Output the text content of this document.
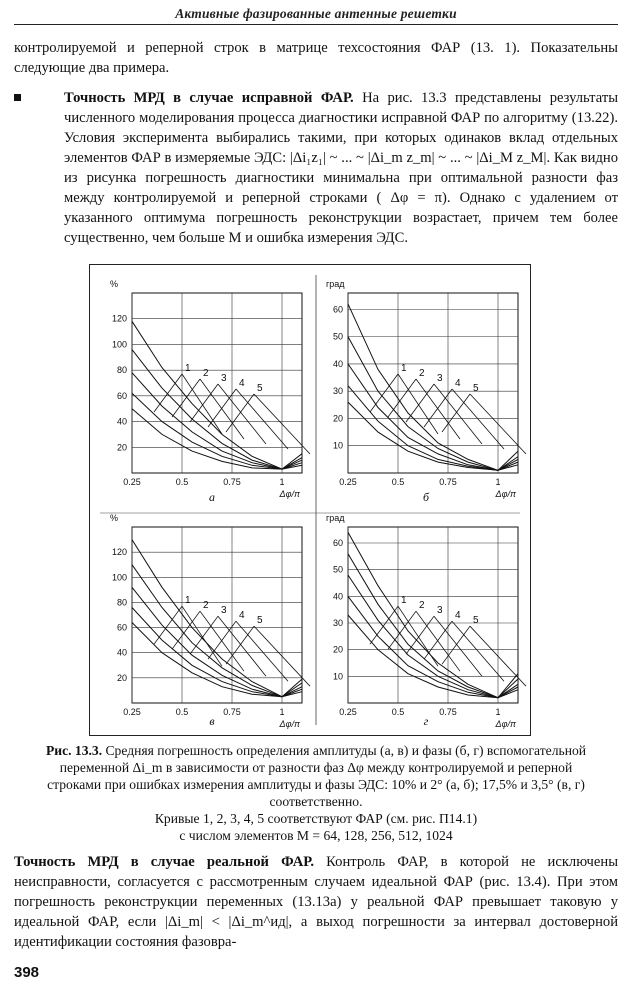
Активные фазированные антенные решетки
контролируемой и реперной строк в матрице техсостояния ФАР (13. 1). Показательны следующие два примера.
Точность МРД в случае исправной ФАР. На рис. 13.3 представлены результаты численного моделирования процесса диагностики исправной ФАР по алгоритму (13.22). Условия эксперимента выбирались такими, при которых одинаков вклад отдельных элементов ФАР в измеряемые ЭДС: |Δi₁z₁| ~ ... ~ |Δi_m z_m| ~ ... ~ |Δi_M z_M|. Как видно из рисунка погрешность диагностики минимальна при оптимальной разности фаз между контролируемой и реперной строками ( Δφ = π). Однако с удалением от указанного оптимума погрешность реконструкции возрастает, причем тем более существенно, чем больше M и ошибка измерения ЭДС.
20
40
60
80
100
120
0.25	0.5	0.75	1
%
Δφ/π
1 2 3 4 5
а
10
20
30
40
50
60
0.25	0.5	0.75	1
град
Δφ/π
1 2 3 4 5
б
20
40
60
80
100
120
0.25	0.5	0.75	1
%
Δφ/π
1 2 3 4 5
в
10
20
30
40
50
60
0.25	0.5	0.75	1
град
Δφ/π
1 2 3 4 5
г
Рис. 13.3. Средняя погрешность определения амплитуды (а, в) и фазы (б, г) вспомогательной переменной Δi_m в зависимости от разности фаз Δφ между контролируемой и реперной строками при ошибках измерения амплитуды и фазы ЭДС: 10% и 2° (а, б); 17,5% и 3,5° (в, г) соответственно.
Кривые 1, 2, 3, 4, 5 соответствуют ФАР (см. рис. П14.1)
с числом элементов M = 64, 128, 256, 512, 1024
Точность МРД в случае реальной ФАР. Контроль ФАР, в которой не исключены неисправности, согласуется с рассмотренным случаем идеальной ФАР (рис. 13.4). При этом погрешность реконструкции переменных (13.13а) у реальной ФАР превышает таковую у идеальной ФАР, если |Δi_m| < |Δi_m^ид|, а выход погрешности за интервал достоверной идентификации состояния фазовра-
398
